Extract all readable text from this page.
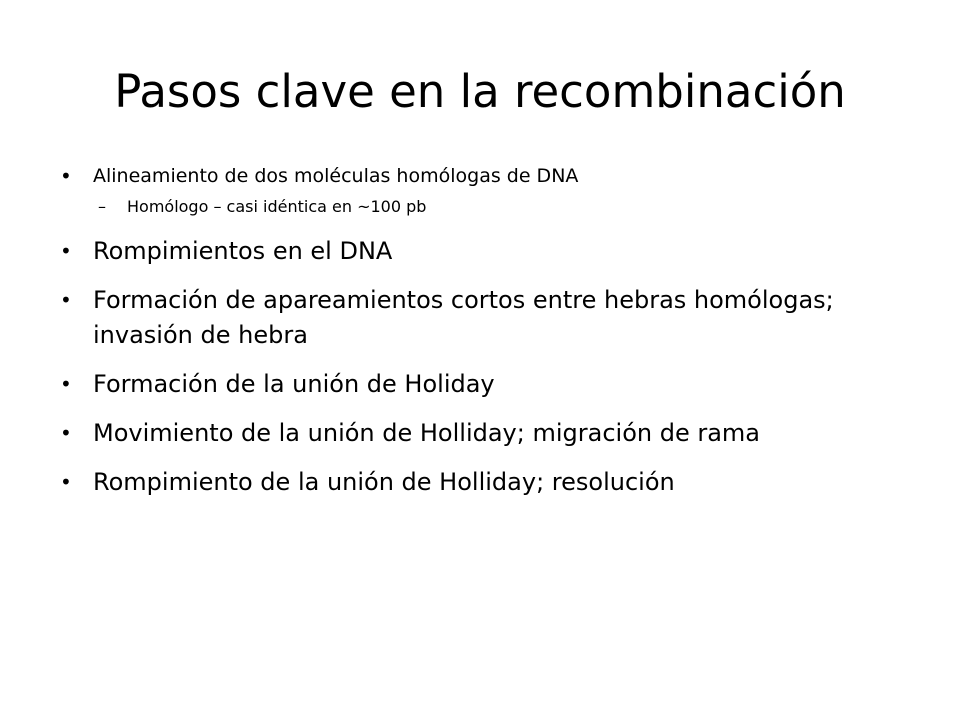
Pasos clave en la recombinación
• Alineamiento de dos moléculas homólogas de DNA
– Homólogo – casi idéntica en ~100 pb
• Rompimientos en el DNA
• Formación de apareamientos cortos entre hebras homólogas; invasión de hebra
• Formación de la unión de Holiday
• Movimiento de la unión de Holliday; migración de rama
• Rompimiento de la unión de Holliday; resolución
